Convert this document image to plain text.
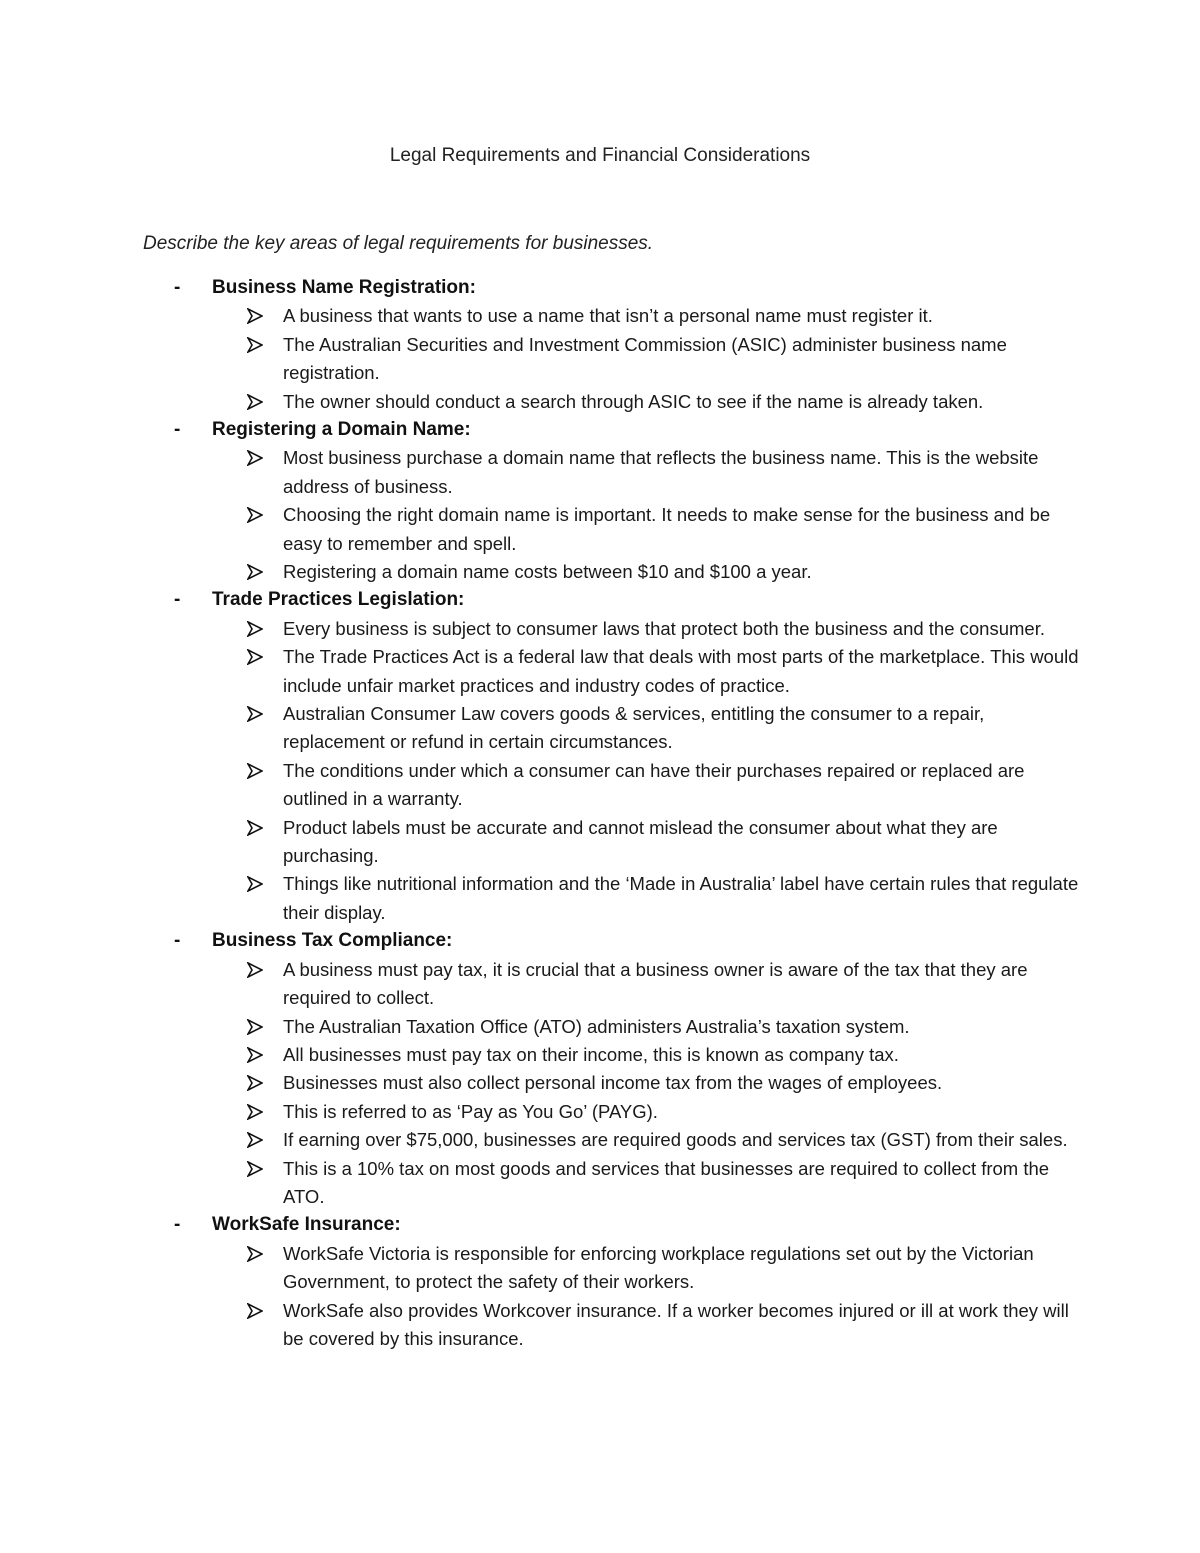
Legal Requirements and Financial Considerations
Describe the key areas of legal requirements for businesses.
- Business Name Registration:
A business that wants to use a name that isn’t a personal name must register it.
The Australian Securities and Investment Commission (ASIC) administer business name registration.
The owner should conduct a search through ASIC to see if the name is already taken.
- Registering a Domain Name:
Most business purchase a domain name that reflects the business name. This is the website address of business.
Choosing the right domain name is important. It needs to make sense for the business and be easy to remember and spell.
Registering a domain name costs between $10 and $100 a year.
- Trade Practices Legislation:
Every business is subject to consumer laws that protect both the business and the consumer.
The Trade Practices Act is a federal law that deals with most parts of the marketplace. This would include unfair market practices and industry codes of practice.
Australian Consumer Law covers goods & services, entitling the consumer to a repair, replacement or refund in certain circumstances.
The conditions under which a consumer can have their purchases repaired or replaced are outlined in a warranty.
Product labels must be accurate and cannot mislead the consumer about what they are purchasing.
Things like nutritional information and the ‘Made in Australia’ label have certain rules that regulate their display.
- Business Tax Compliance:
A business must pay tax, it is crucial that a business owner is aware of the tax that they are required to collect.
The Australian Taxation Office (ATO) administers Australia’s taxation system.
All businesses must pay tax on their income, this is known as company tax.
Businesses must also collect personal income tax from the wages of employees.
This is referred to as ‘Pay as You Go’ (PAYG).
If earning over $75,000, businesses are required goods and services tax (GST) from their sales.
This is a 10% tax on most goods and services that businesses are required to collect from the ATO.
- WorkSafe Insurance:
WorkSafe Victoria is responsible for enforcing workplace regulations set out by the Victorian Government, to protect the safety of their workers.
WorkSafe also provides Workcover insurance. If a worker becomes injured or ill at work they will be covered by this insurance.
